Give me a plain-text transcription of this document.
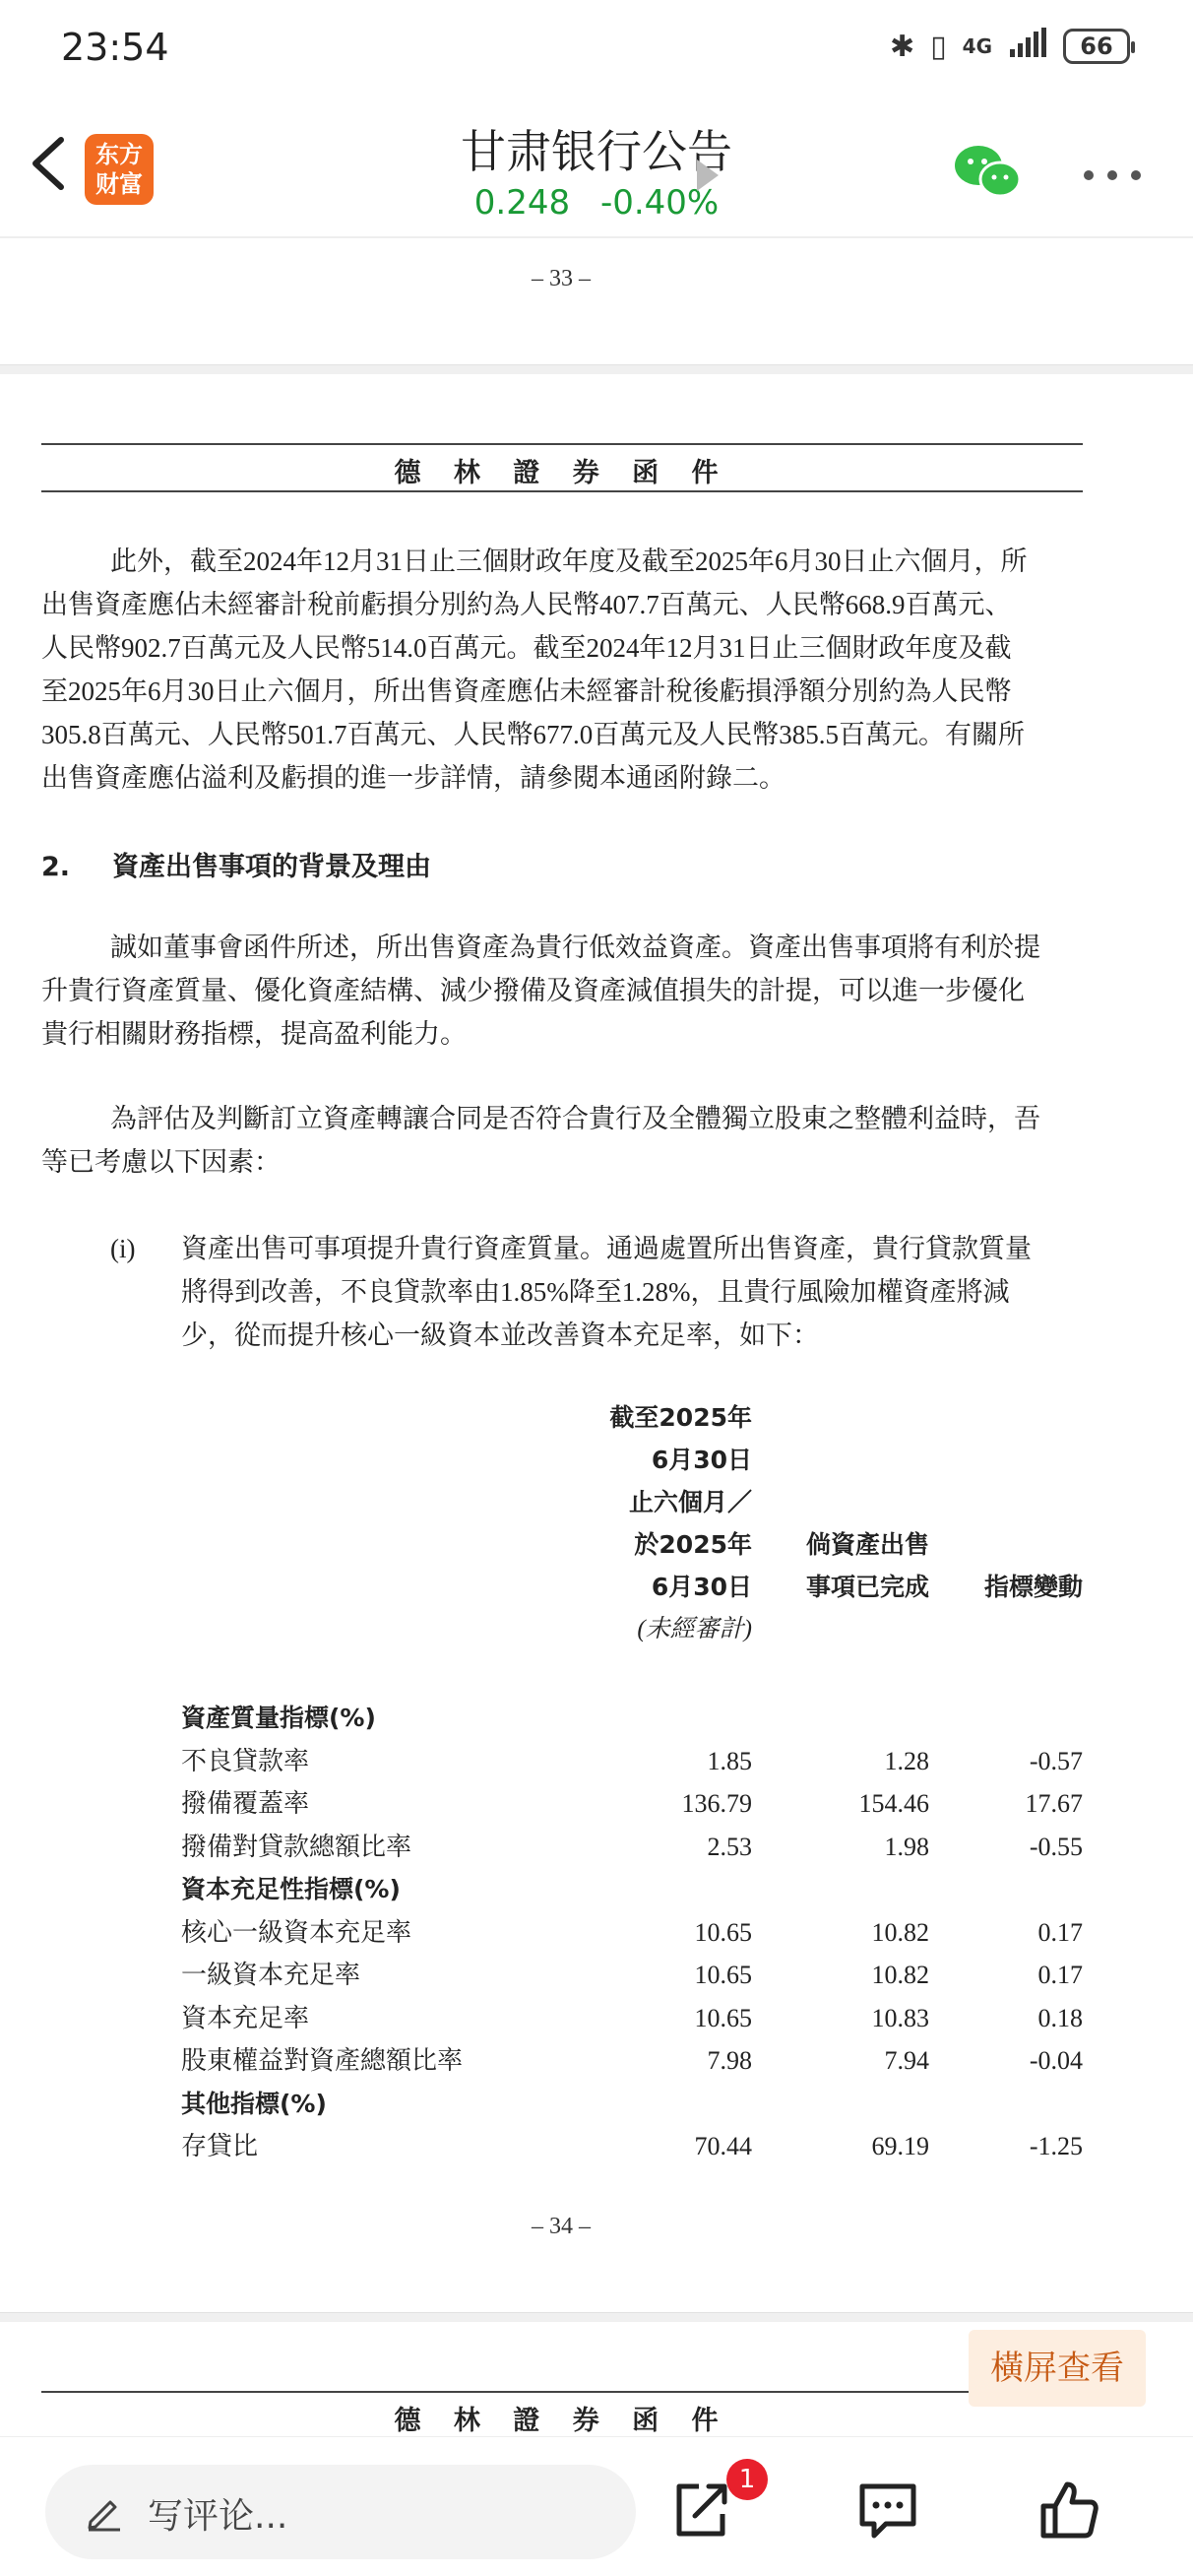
23:54	✱ ▯ 4G	66
东方财富
甘肃银行公告
0.248 -0.40%
– 33 –
德 林 證 券 函 件
此外，截至2024年12月31日止三個財政年度及截至2025年6月30日止六個月，所
出售資產應佔未經審計稅前虧損分別約為人民幣407.7百萬元、人民幣668.9百萬元、
人民幣902.7百萬元及人民幣514.0百萬元。截至2024年12月31日止三個財政年度及截
至2025年6月30日止六個月，所出售資產應佔未經審計稅後虧損淨額分別約為人民幣
305.8百萬元、人民幣501.7百萬元、人民幣677.0百萬元及人民幣385.5百萬元。有關所
出售資產應佔溢利及虧損的進一步詳情，請參閱本通函附錄二。
2. 資產出售事項的背景及理由
誠如董事會函件所述，所出售資產為貴行低效益資產。資產出售事項將有利於提
升貴行資產質量、優化資產結構、減少撥備及資產減值損失的計提，可以進一步優化
貴行相關財務指標，提高盈利能力。
為評估及判斷訂立資產轉讓合同是否符合貴行及全體獨立股東之整體利益時，吾
等已考慮以下因素：
(i) 資產出售可事項提升貴行資產質量。通過處置所出售資產，貴行貸款質量
將得到改善，不良貸款率由1.85%降至1.28%，且貴行風險加權資產將減
少，從而提升核心一級資本並改善資本充足率，如下：
截至2025年
6月30日
止六個月／
於2025年
6月30日
(未經審計)
倘資產出售
事項已完成	指標變動
資產質量指標(%)
不良貸款率	1.85	1.28	-0.57
撥備覆蓋率	136.79	154.46	17.67
撥備對貸款總額比率	2.53	1.98	-0.55
資本充足性指標(%)
核心一級資本充足率	10.65	10.82	0.17
一級資本充足率	10.65	10.82	0.17
資本充足率	10.65	10.83	0.18
股東權益對資產總額比率	7.98	7.94	-0.04
其他指標(%)
存貸比	70.44	69.19	-1.25
– 34 –
德 林 證 券 函 件
橫屏查看
写评论...
1
